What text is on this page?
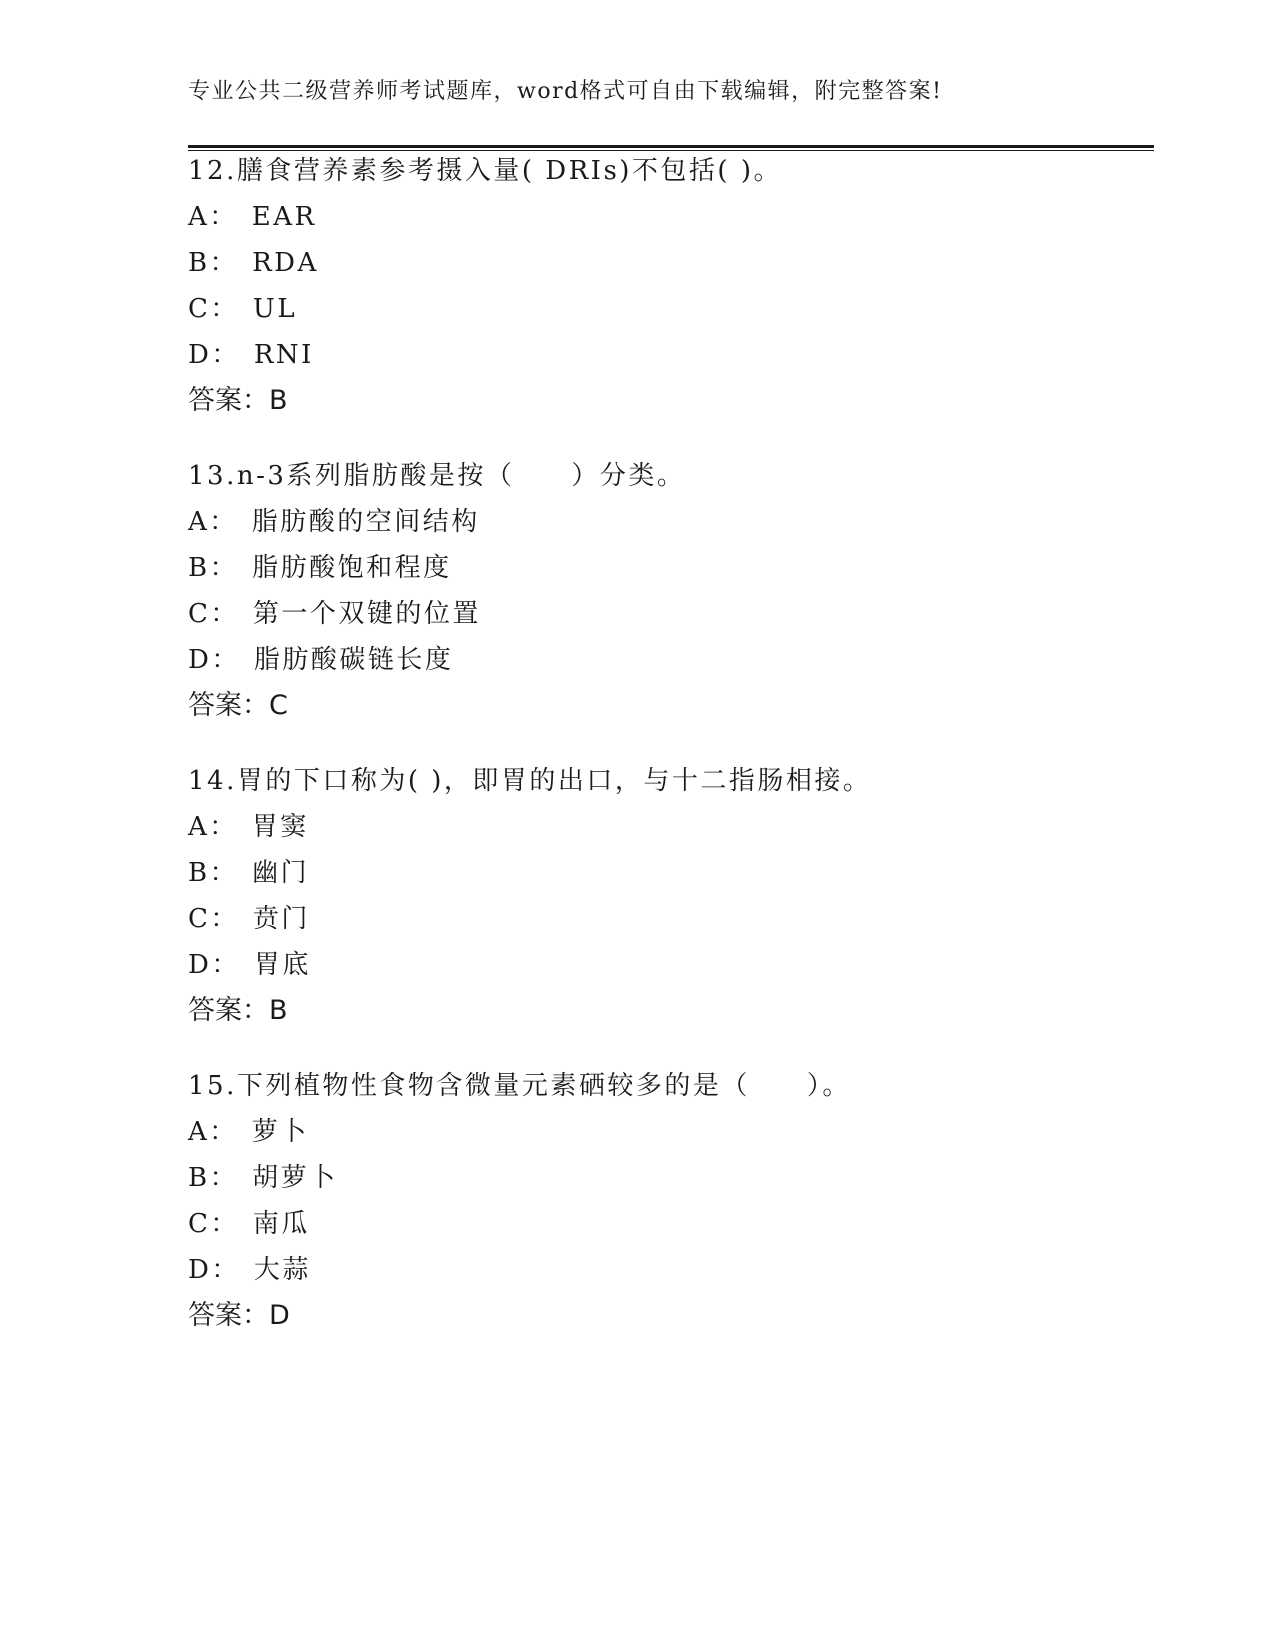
专业公共二级营养师考试题库，word格式可自由下载编辑，附完整答案!
12.膳食营养素参考摄入量( DRIs)不包括( )。
A： EAR
B： RDA
C： UL
D： RNI
答案：B
13.n-3系列脂肪酸是按（　　）分类。
A： 脂肪酸的空间结构
B： 脂肪酸饱和程度
C： 第一个双键的位置
D： 脂肪酸碳链长度
答案：C
14.胃的下口称为( )，即胃的出口，与十二指肠相接。
A： 胃窦
B： 幽门
C： 贲门
D： 胃底
答案：B
15.下列植物性食物含微量元素硒较多的是（　　）。
A： 萝卜
B： 胡萝卜
C： 南瓜
D： 大蒜
答案：D
